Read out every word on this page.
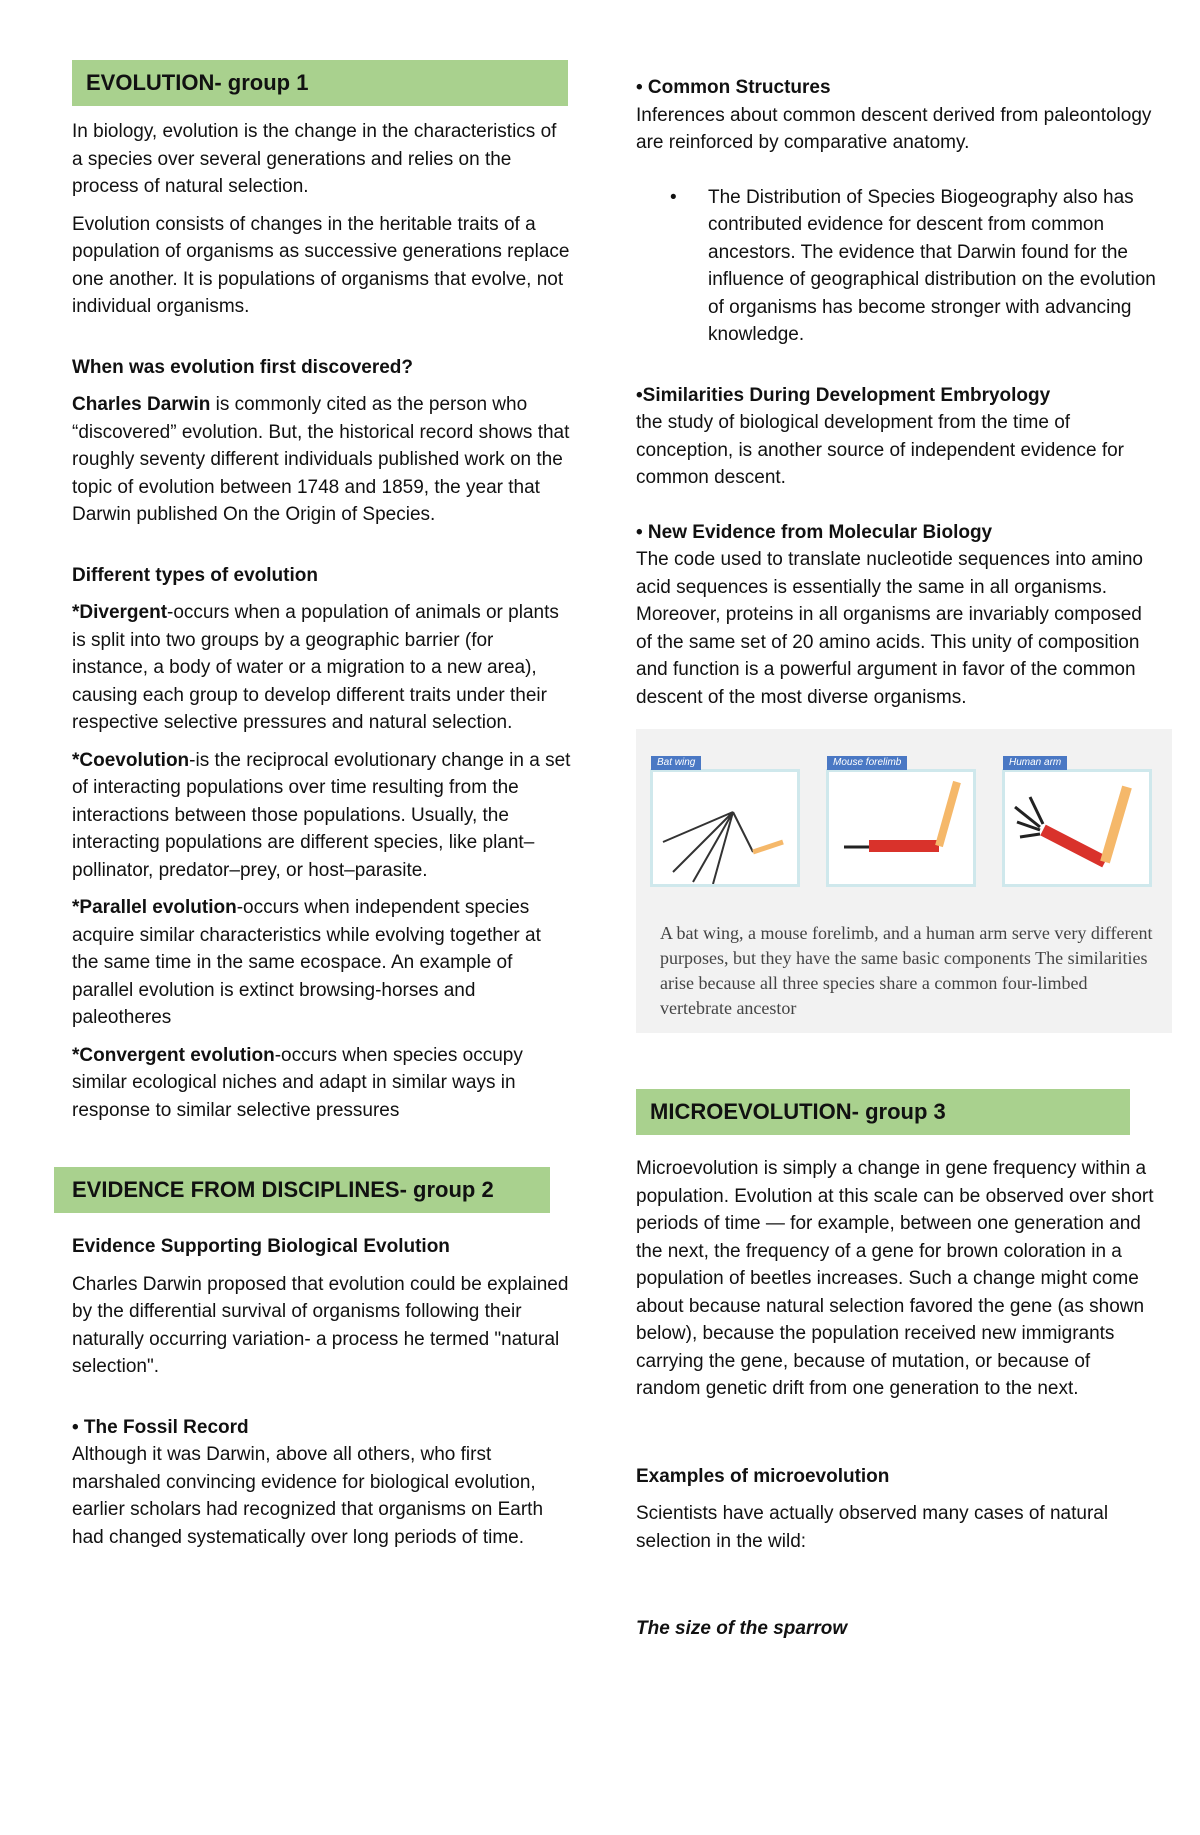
EVOLUTION- group 1

In biology, evolution is the change in the characteristics of a species over several generations and relies on the process of natural selection.

Evolution consists of changes in the heritable traits of a population of organisms as successive generations replace one another. It is populations of organisms that evolve, not individual organisms.

When was evolution first discovered?

Charles Darwin is commonly cited as the person who “discovered” evolution. But, the historical record shows that roughly seventy different individuals published work on the topic of evolution between 1748 and 1859, the year that Darwin published On the Origin of Species.

Different types of evolution

*Divergent-occurs when a population of animals or plants is split into two groups by a geographic barrier (for instance, a body of water or a migration to a new area), causing each group to develop different traits under their respective selective pressures and natural selection.

*Coevolution-is the reciprocal evolutionary change in a set of interacting populations over time resulting from the interactions between those populations. Usually, the interacting populations are different species, like plant–pollinator, predator–prey, or host–parasite.

*Parallel evolution-occurs when independent species acquire similar characteristics while evolving together at the same time in the same ecospace. An example of parallel evolution is extinct browsing-horses and paleotheres

*Convergent evolution-occurs when species occupy similar ecological niches and adapt in similar ways in response to similar selective pressures

EVIDENCE FROM DISCIPLINES- group 2

Evidence Supporting Biological Evolution

Charles Darwin proposed that evolution could be explained by the differential survival of organisms following their naturally occurring variation- a process he termed "natural selection".

• The Fossil Record

Although it was Darwin, above all others, who first marshaled convincing evidence for biological evolution, earlier scholars had recognized that organisms on Earth had changed systematically over long periods of time.

• Common Structures

Inferences about common descent derived from paleontology are reinforced by comparative anatomy.

• The Distribution of Species Biogeography also has contributed evidence for descent from common ancestors. The evidence that Darwin found for the influence of geographical distribution on the evolution of organisms has become stronger with advancing knowledge.

•Similarities During Development Embryology

the study of biological development from the time of conception, is another source of independent evidence for common descent.

• New Evidence from Molecular Biology

The code used to translate nucleotide sequences into amino acid sequences is essentially the same in all organisms. Moreover, proteins in all organisms are invariably composed of the same set of 20 amino acids. This unity of composition and function is a powerful argument in favor of the common descent of the most diverse organisms.

Bat wing	Mouse forelimb	Human arm
A bat wing, a mouse forelimb, and a human arm serve very different purposes, but they have the same basic components The similarities arise because all three species share a common four-limbed vertebrate ancestor
MICROEVOLUTION- group 3

Microevolution is simply a change in gene frequency within a population. Evolution at this scale can be observed over short periods of time — for example, between one generation and the next, the frequency of a gene for brown coloration in a population of beetles increases. Such a change might come about because natural selection favored the gene (as shown below), because the population received new immigrants carrying the gene, because of mutation, or because of random genetic drift from one generation to the next.

Examples of microevolution

Scientists have actually observed many cases of natural selection in the wild:

The size of the sparrow
